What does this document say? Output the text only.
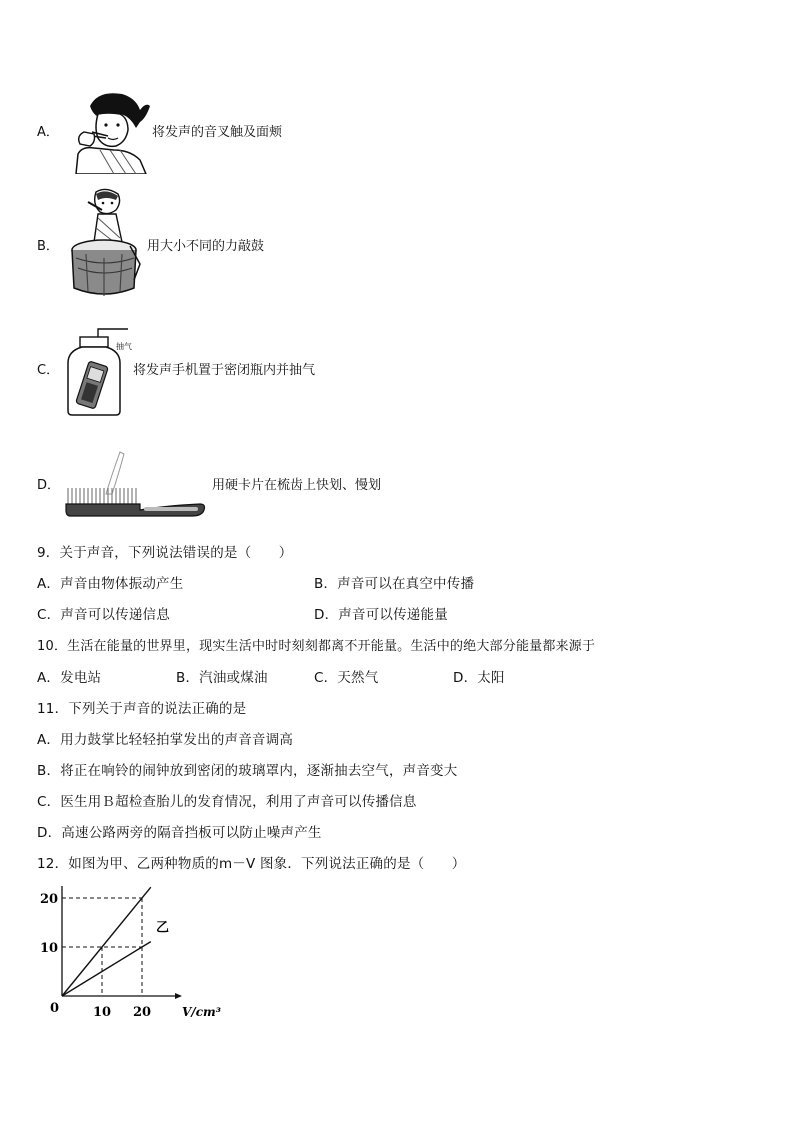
A．	将发声的音叉触及面颊
B．	用大小不同的力敲鼓
C．
抽气
将发声手机置于密闭瓶内并抽气
D．	用硬卡片在梳齿上快划、慢划
9．关于声音，下列说法错误的是（　　）
A．声音由物体振动产生	B．声音可以在真空中传播
C．声音可以传递信息	D．声音可以传递能量
10．生活在能量的世界里，现实生活中时时刻刻都离不开能量。生活中的绝大部分能量都来源于
A．发电站	B．汽油或煤油	C．天然气	D．太阳
11．下列关于声音的说法正确的是
A．用力鼓掌比轻轻拍掌发出的声音音调高
B．将正在响铃的闹钟放到密闭的玻璃罩内，逐渐抽去空气，声音变大
C．医生用Ｂ超检查胎儿的发育情况，利用了声音可以传播信息
D．高速公路两旁的隔音挡板可以防止噪声产生
12．如图为甲、乙两种物质的m－V 图象．下列说法正确的是（　　）
乙
10
20
0	10 20	V/cm³
